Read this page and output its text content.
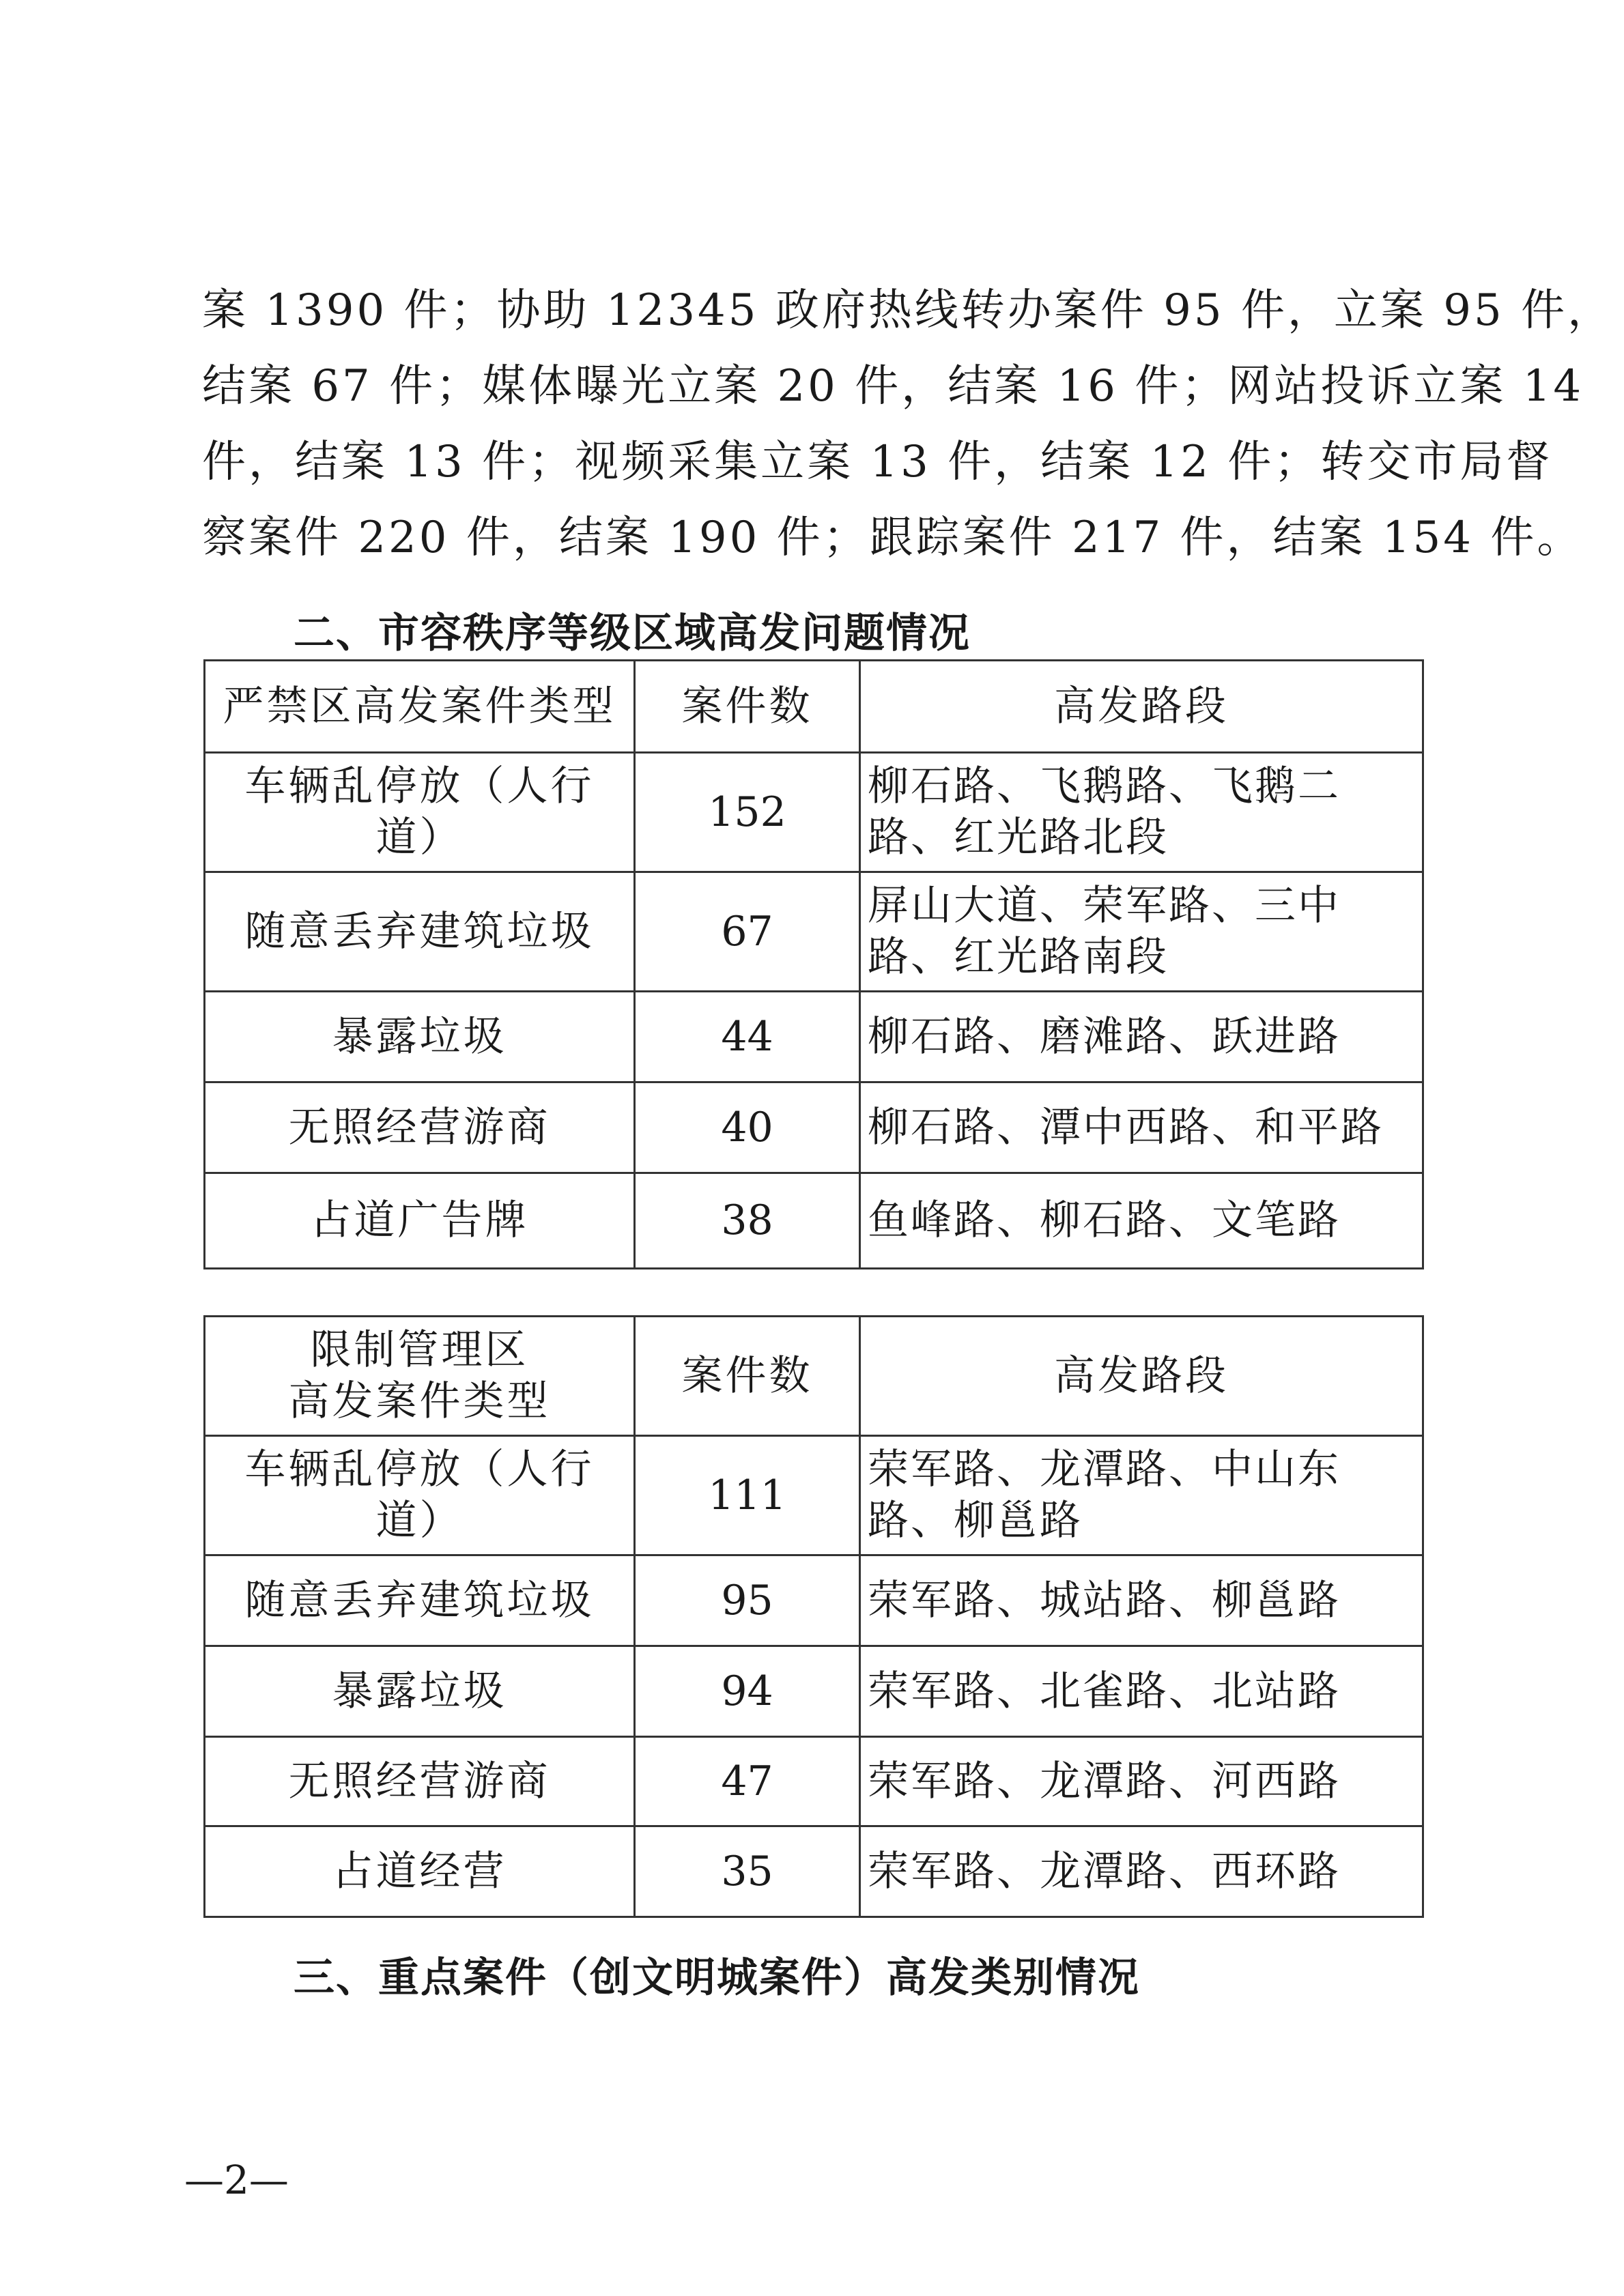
案 1390 件；协助 12345 政府热线转办案件 95 件，立案 95 件，
结案 67 件；媒体曝光立案 20 件，结案 16 件；网站投诉立案 14
件，结案 13 件；视频采集立案 13 件，结案 12 件；转交市局督
察案件 220 件，结案 190 件；跟踪案件 217 件，结案 154 件。
二、市容秩序等级区域高发问题情况
严禁区高发案件类型	案件数	高发路段
车辆乱停放（人行道）	152	柳石路、飞鹅路、飞鹅二路、红光路北段
随意丢弃建筑垃圾	67	屏山大道、荣军路、三中路、红光路南段
暴露垃圾	44	柳石路、磨滩路、跃进路
无照经营游商	40	柳石路、潭中西路、和平路
占道广告牌	38	鱼峰路、柳石路、文笔路
限制管理区
高发案件类型	案件数	高发路段
车辆乱停放（人行道）	111	荣军路、龙潭路、中山东路、柳邕路
随意丢弃建筑垃圾	95	荣军路、城站路、柳邕路
暴露垃圾	94	荣军路、北雀路、北站路
无照经营游商	47	荣军路、龙潭路、河西路
占道经营	35	荣军路、龙潭路、西环路
三、重点案件（创文明城案件）高发类别情况
—2—
